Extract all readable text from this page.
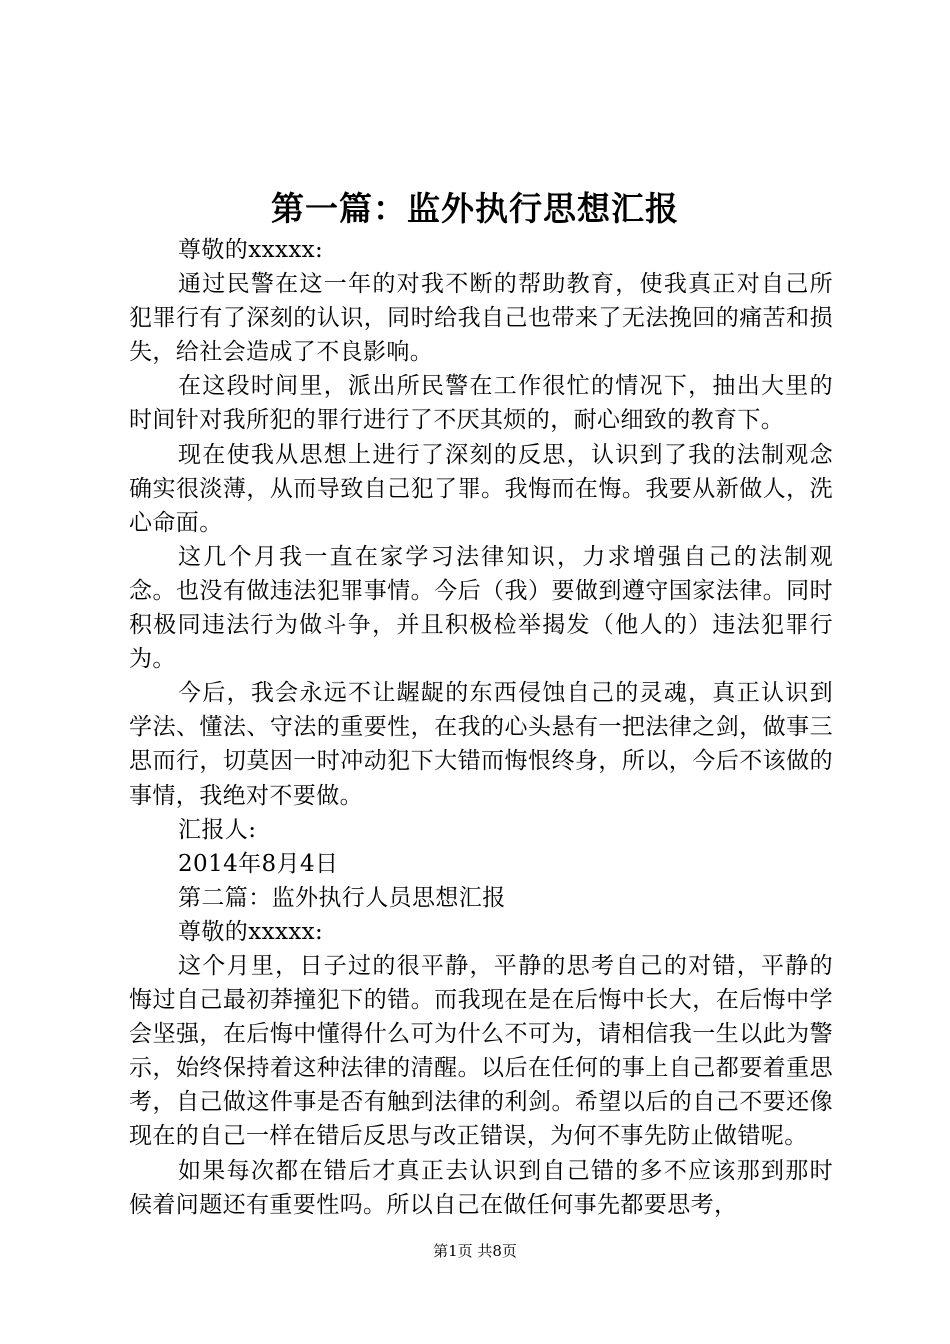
第一篇：监外执行思想汇报

尊敬的xxxxx:

通过民警在这一年的对我不断的帮助教育，使我真正对自己所犯罪行有了深刻的认识，同时给我自己也带来了无法挽回的痛苦和损失，给社会造成了不良影响。

在这段时间里，派出所民警在工作很忙的情况下，抽出大里的时间针对我所犯的罪行进行了不厌其烦的，耐心细致的教育下。

现在使我从思想上进行了深刻的反思，认识到了我的法制观念确实很淡薄，从而导致自己犯了罪。我悔而在悔。我要从新做人，洗心命面。

这几个月我一直在家学习法律知识，力求增强自己的法制观念。也没有做违法犯罪事情。今后（我）要做到遵守国家法律。同时积极同违法行为做斗争，并且积极检举揭发（他人的）违法犯罪行为。

今后，我会永远不让龌龊的东西侵蚀自己的灵魂，真正认识到学法、懂法、守法的重要性，在我的心头悬有一把法律之剑，做事三思而行，切莫因一时冲动犯下大错而悔恨终身，所以，今后不该做的事情，我绝对不要做。

汇报人:

2014年8月4日

第二篇：监外执行人员思想汇报

尊敬的xxxxx:

这个月里，日子过的很平静，平静的思考自己的对错，平静的悔过自己最初莽撞犯下的错。而我现在是在后悔中长大，在后悔中学会坚强，在后悔中懂得什么可为什么不可为，请相信我一生以此为警示，始终保持着这种法律的清醒。以后在任何的事上自己都要着重思考，自己做这件事是否有触到法律的利剑。希望以后的自己不要还像现在的自己一样在错后反思与改正错误，为何不事先防止做错呢。

如果每次都在错后才真正去认识到自己错的多不应该那到那时候着问题还有重要性吗。所以自己在做任何事先都要思考，

第1页 共8页
